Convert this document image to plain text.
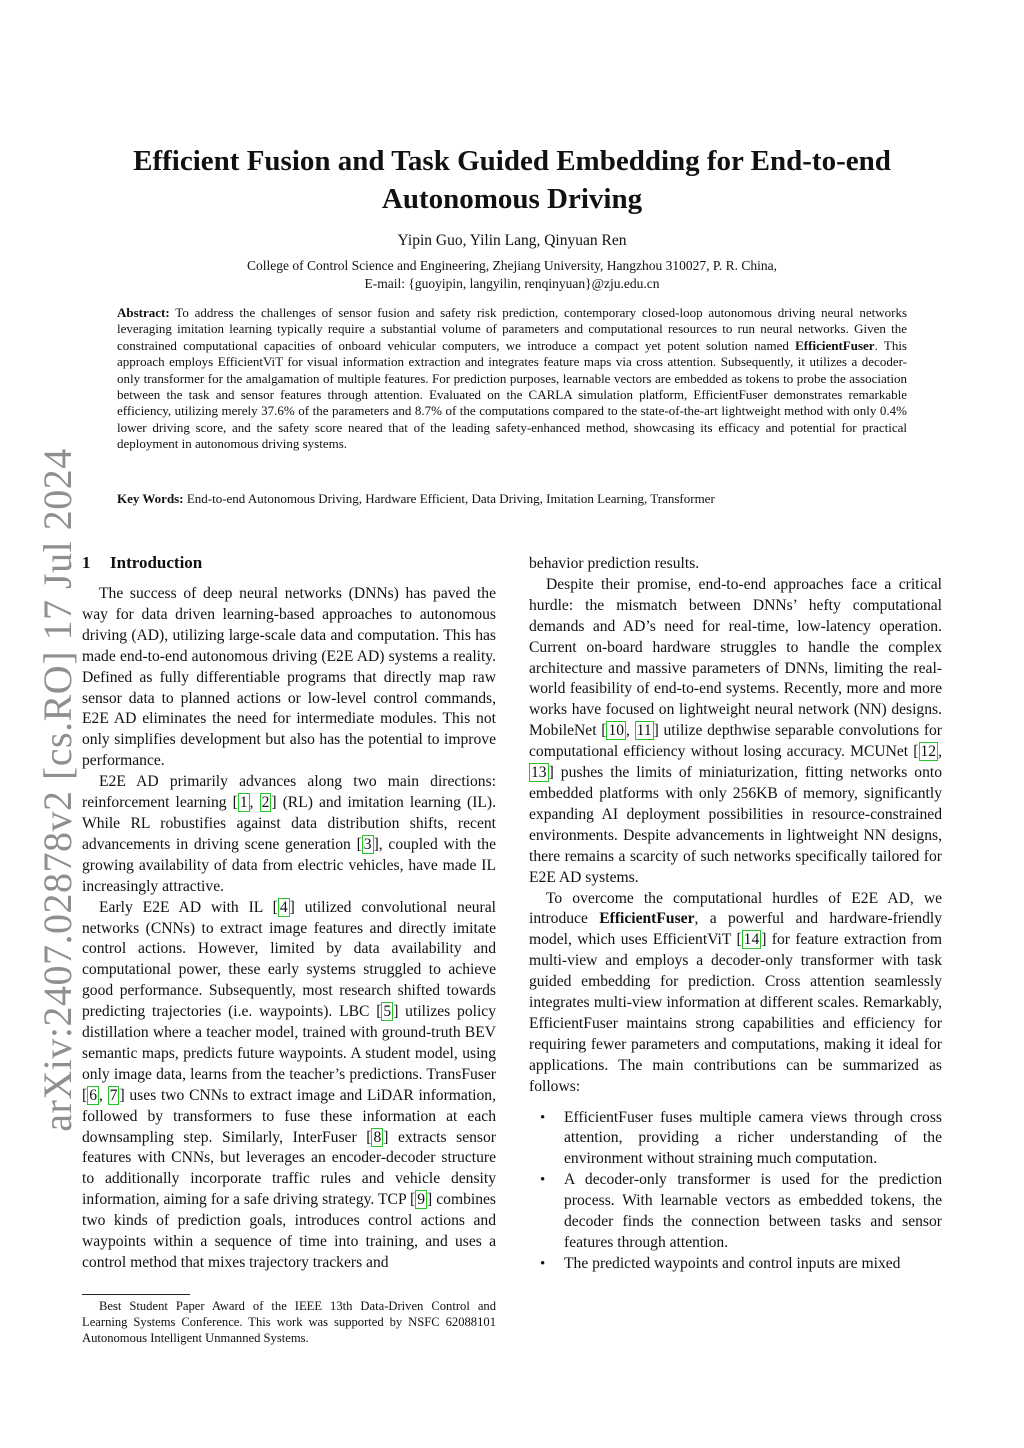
arXiv:2407.02878v2 [cs.RO] 17 Jul 2024
Efficient Fusion and Task Guided Embedding for End-to-end
Autonomous Driving
Yipin Guo, Yilin Lang, Qinyuan Ren
College of Control Science and Engineering, Zhejiang University, Hangzhou 310027, P. R. China,
E-mail: {guoyipin, langyilin, renqinyuan}@zju.edu.cn
Abstract: To address the challenges of sensor fusion and safety risk prediction, contemporary closed-loop autonomous driving neural networks leveraging imitation learning typically require a substantial volume of parameters and computational resources to run neural networks. Given the constrained computational capacities of onboard vehicular computers, we introduce a compact yet potent solution named EfficientFuser. This approach employs EfficientViT for visual information extraction and integrates feature maps via cross attention. Subsequently, it utilizes a decoder-only transformer for the amalgamation of multiple features. For prediction purposes, learnable vectors are embedded as tokens to probe the association between the task and sensor features through attention. Evaluated on the CARLA simulation platform, EfficientFuser demonstrates remarkable efficiency, utilizing merely 37.6% of the parameters and 8.7% of the computations compared to the state-of-the-art lightweight method with only 0.4% lower driving score, and the safety score neared that of the leading safety-enhanced method, showcasing its efficacy and potential for practical deployment in autonomous driving systems.
Key Words: End-to-end Autonomous Driving, Hardware Efficient, Data Driving, Imitation Learning, Transformer
1 Introduction

The success of deep neural networks (DNNs) has paved the way for data driven learning-based approaches to autonomous driving (AD), utilizing large-scale data and computation. This has made end-to-end autonomous driving (E2E AD) systems a reality. Defined as fully differentiable programs that directly map raw sensor data to planned actions or low-level control commands, E2E AD eliminates the need for intermediate modules. This not only simplifies development but also has the potential to improve performance.

E2E AD primarily advances along two main directions: reinforcement learning [ 1 , 2 ] (RL) and imitation learning (IL). While RL robustifies against data distribution shifts, recent advancements in driving scene generation [ 3 ], coupled with the growing availability of data from electric vehicles, have made IL increasingly attractive.

Early E2E AD with IL [ 4 ] utilized convolutional neural networks (CNNs) to extract image features and directly imitate control actions. However, limited by data availability and computational power, these early systems struggled to achieve good performance. Subsequently, most research shifted towards predicting trajectories (i.e. waypoints). LBC [ 5 ] utilizes policy distillation where a teacher model, trained with ground-truth BEV semantic maps, predicts future waypoints. A student model, using only image data, learns from the teacher’s predictions. TransFuser [ 6 , 7 ] uses two CNNs to extract image and LiDAR information, followed by transformers to fuse these information at each downsampling step. Similarly, InterFuser [ 8 ] extracts sensor features with CNNs, but leverages an encoder-decoder structure to additionally incorporate traffic rules and vehicle density information, aiming for a safe driving strategy. TCP [ 9 ] combines two kinds of prediction goals, introduces control actions and waypoints within a sequence of time into training, and uses a control method that mixes trajectory trackers and

behavior prediction results.

Despite their promise, end-to-end approaches face a critical hurdle: the mismatch between DNNs’ hefty computational demands and AD’s need for real-time, low-latency operation. Current on-board hardware struggles to handle the complex architecture and massive parameters of DNNs, limiting the real-world feasibility of end-to-end systems. Recently, more and more works have focused on lightweight neural network (NN) designs. MobileNet [ 10 , 11 ] utilize depthwise separable convolutions for computational efficiency without losing accuracy. MCUNet [ 12 , 13 ] pushes the limits of miniaturization, fitting networks onto embedded platforms with only 256KB of memory, significantly expanding AI deployment possibilities in resource-constrained environments. Despite advancements in lightweight NN designs, there remains a scarcity of such networks specifically tailored for E2E AD systems.

To overcome the computational hurdles of E2E AD, we introduce EfficientFuser, a powerful and hardware-friendly model, which uses EfficientViT [ 14 ] for feature extraction from multi-view and employs a decoder-only transformer with task guided embedding for prediction. Cross attention seamlessly integrates multi-view information at different scales. Remarkably, EfficientFuser maintains strong capabilities and efficiency for requiring fewer parameters and computations, making it ideal for applications. The main contributions can be summarized as follows:

• EfficientFuser fuses multiple camera views through cross attention, providing a richer understanding of the environment without straining much computation.
• A decoder-only transformer is used for the prediction process. With learnable vectors as embedded tokens, the decoder finds the connection between tasks and sensor features through attention.
• The predicted waypoints and control inputs are mixed

Best Student Paper Award of the IEEE 13th Data-Driven Control and Learning Systems Conference. This work was supported by NSFC 62088101 Autonomous Intelligent Unmanned Systems.
